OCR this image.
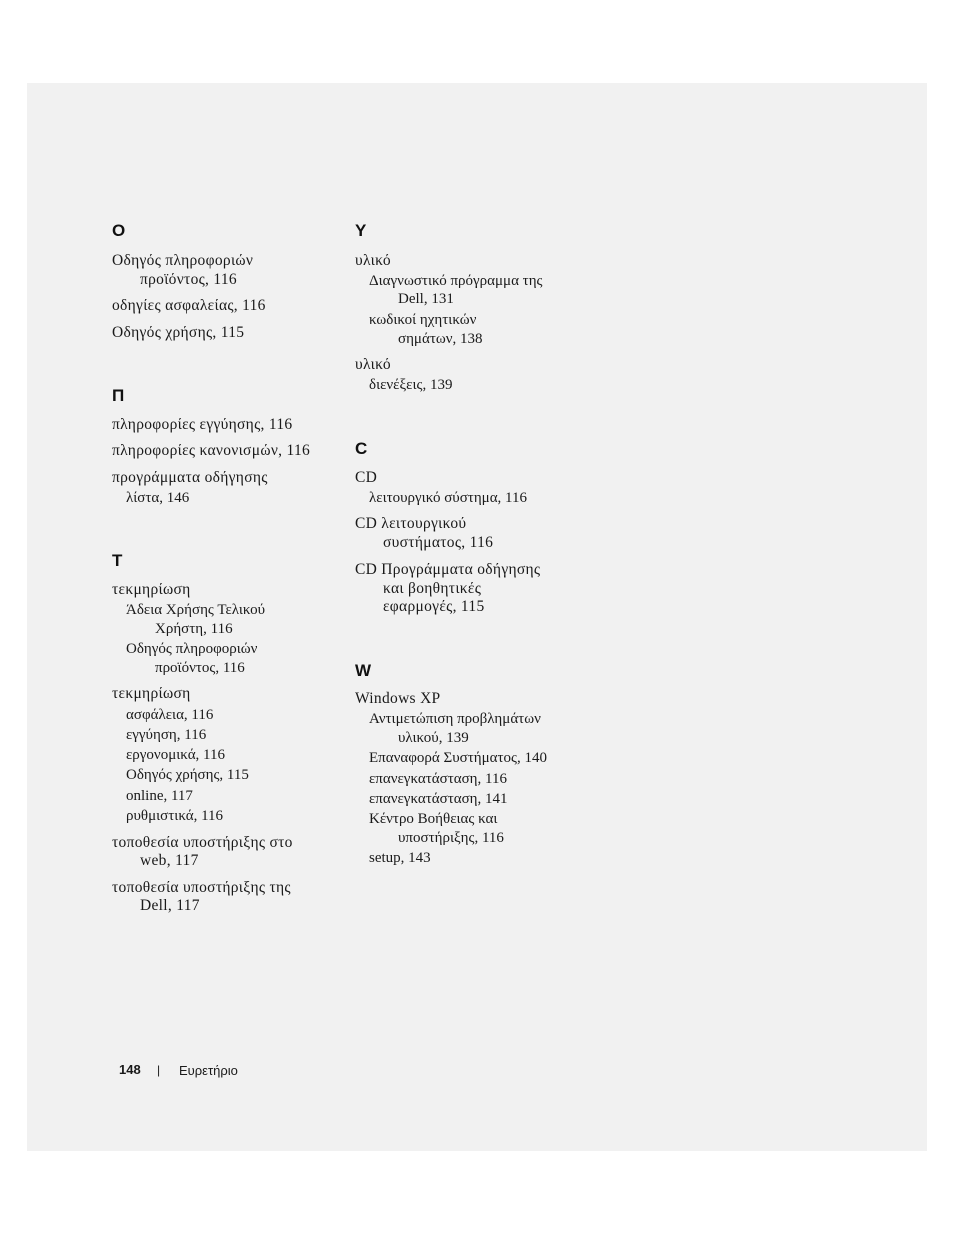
Ο
Οδηγός πληροφοριών
προϊόντος, 116
οδηγίες ασφαλείας, 116
Οδηγός χρήσης, 115
Π
πληροφορίες εγγύησης, 116
πληροφορίες κανονισμών, 116
προγράμματα οδήγησης
λίστα, 146
Τ
τεκμηρίωση
Άδεια Χρήσης Τελικού
Χρήστη, 116
Οδηγός πληροφοριών
προϊόντος, 116
τεκμηρίωση
ασφάλεια, 116
εγγύηση, 116
εργονομικά, 116
Οδηγός χρήσης, 115
online, 117
ρυθμιστικά, 116
τοποθεσία υποστήριξης στο
web, 117
τοποθεσία υποστήριξης της
Dell, 117
Υ
υλικό
Διαγνωστικό πρόγραμμα της
Dell, 131
κωδικοί ηχητικών
σημάτων, 138
υλικό
διενέξεις, 139
C
CD
λειτουργικό σύστημα, 116
CD λειτουργικού
συστήματος, 116
CD Προγράμματα οδήγησης
και βοηθητικές
εφαρμογές, 115
W
Windows XP
Αντιμετώπιση προβλημάτων
υλικού, 139
Επαναφορά Συστήματος, 140
επανεγκατάσταση, 116
επανεγκατάσταση, 141
Κέντρο Βοήθειας και
υποστήριξης, 116
setup, 143
148 | Ευρετήριο
